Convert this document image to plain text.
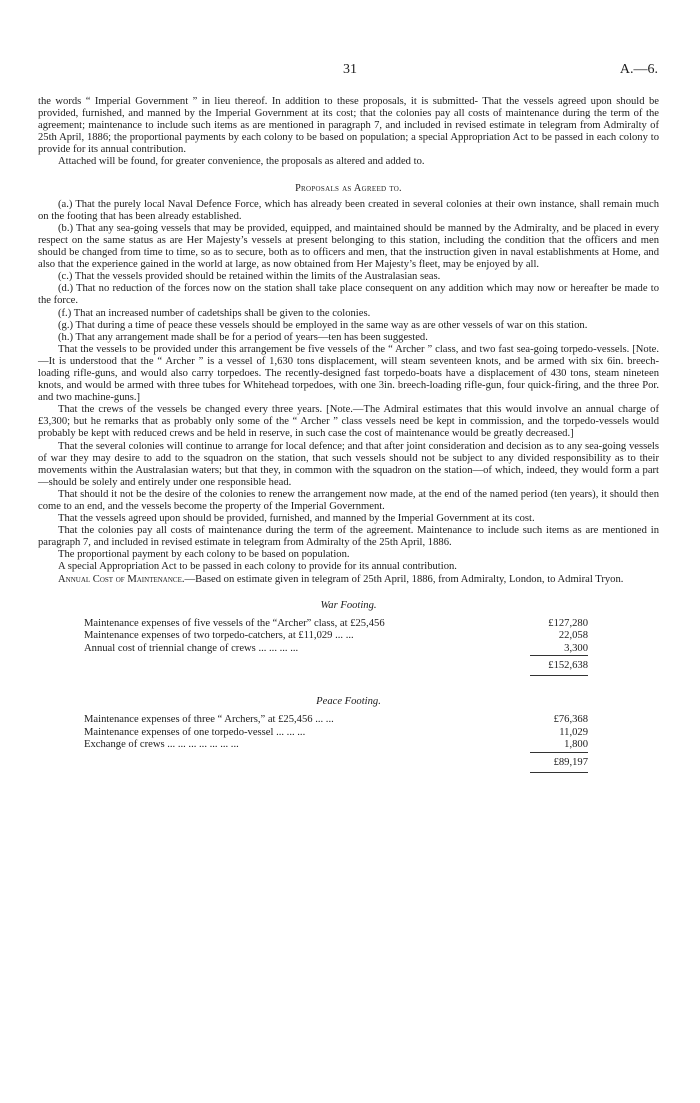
31	A.—6.

the words “ Imperial Government ” in lieu thereof. In addition to these proposals, it is submitted- That the vessels agreed upon should be provided, furnished, and manned by the Imperial Government at its cost; that the colonies pay all costs of maintenance during the term of the agreement; maintenance to include such items as are mentioned in paragraph 7, and included in revised estimate in telegram from Admiralty of 25th April, 1886; the proportional payments by each colony to be based on population; a special Appropriation Act to be passed in each colony to provide for its annual contribution.

Attached will be found, for greater convenience, the proposals as altered and added to.

Proposals as Agreed to.

(a.) That the purely local Naval Defence Force, which has already been created in several colonies at their own instance, shall remain much on the footing that has been already established.

(b.) That any sea-going vessels that may be provided, equipped, and maintained should be manned by the Admiralty, and be placed in every respect on the same status as are Her Majesty’s vessels at present belonging to this station, including the condition that the officers and men should be changed from time to time, so as to secure, both as to officers and men, that the instruction given in naval establishments at Home, and also that the experience gained in the world at large, as now obtained from Her Majesty’s fleet, may be enjoyed by all.

(c.) That the vessels provided should be retained within the limits of the Australasian seas.

(d.) That no reduction of the forces now on the station shall take place consequent on any addition which may now or hereafter be made to the force.

(f.) That an increased number of cadetships shall be given to the colonies.

(g.) That during a time of peace these vessels should be employed in the same way as are other vessels of war on this station.

(h.) That any arrangement made shall be for a period of years—ten has been suggested.

That the vessels to be provided under this arrangement be five vessels of the “ Archer ” class, and two fast sea-going torpedo-vessels. [Note.—It is understood that the “ Archer ” is a vessel of 1,630 tons displacement, will steam seventeen knots, and be armed with six 6in. breech-loading rifle-guns, and would also carry torpedoes. The recently-designed fast torpedo-boats have a displacement of 430 tons, steam nineteen knots, and would be armed with three tubes for Whitehead torpedoes, with one 3in. breech-loading rifle-gun, four quick-firing, and the three Por. and two machine-guns.]

That the crews of the vessels be changed every three years. [Note.—The Admiral estimates that this would involve an annual charge of £3,300; but he remarks that as probably only some of the “ Archer ” class vessels need be kept in commission, and the torpedo-vessels would probably be kept with reduced crews and be held in reserve, in such case the cost of maintenance would be greatly decreased.]

That the several colonies will continue to arrange for local defence; and that after joint consideration and decision as to any sea-going vessels of war they may desire to add to the squadron on the station, that such vessels should not be subject to any divided responsibility as to their movements within the Australasian waters; but that they, in common with the squadron on the station—of which, indeed, they would form a part—should be solely and entirely under one responsible head.

That should it not be the desire of the colonies to renew the arrangement now made, at the end of the named period (ten years), it should then come to an end, and the vessels become the property of the Imperial Government.

That the vessels agreed upon should be provided, furnished, and manned by the Imperial Government at its cost.

That the colonies pay all costs of maintenance during the term of the agreement. Maintenance to include such items as are mentioned in paragraph 7, and included in revised estimate in telegram from Admiralty of the 25th April, 1886.

The proportional payment by each colony to be based on population.

A special Appropriation Act to be passed in each colony to provide for its annual contribution.

Annual Cost of Maintenance.—Based on estimate given in telegram of 25th April, 1886, from Admiralty, London, to Admiral Tryon.

War Footing.
Maintenance expenses of five vessels of the “Archer” class, at £25,456	£127,280
Maintenance expenses of two torpedo-catchers, at £11,029 ... ...	22,058
Annual cost of triennial change of crews ... ... ... ...	3,300
	£152,638
Peace Footing.
Maintenance expenses of three “ Archers,” at £25,456 ... ...	£76,368
Maintenance expenses of one torpedo-vessel ... ... ...	11,029
Exchange of crews ... ... ... ... ... ... ...	1,800
	£89,197
